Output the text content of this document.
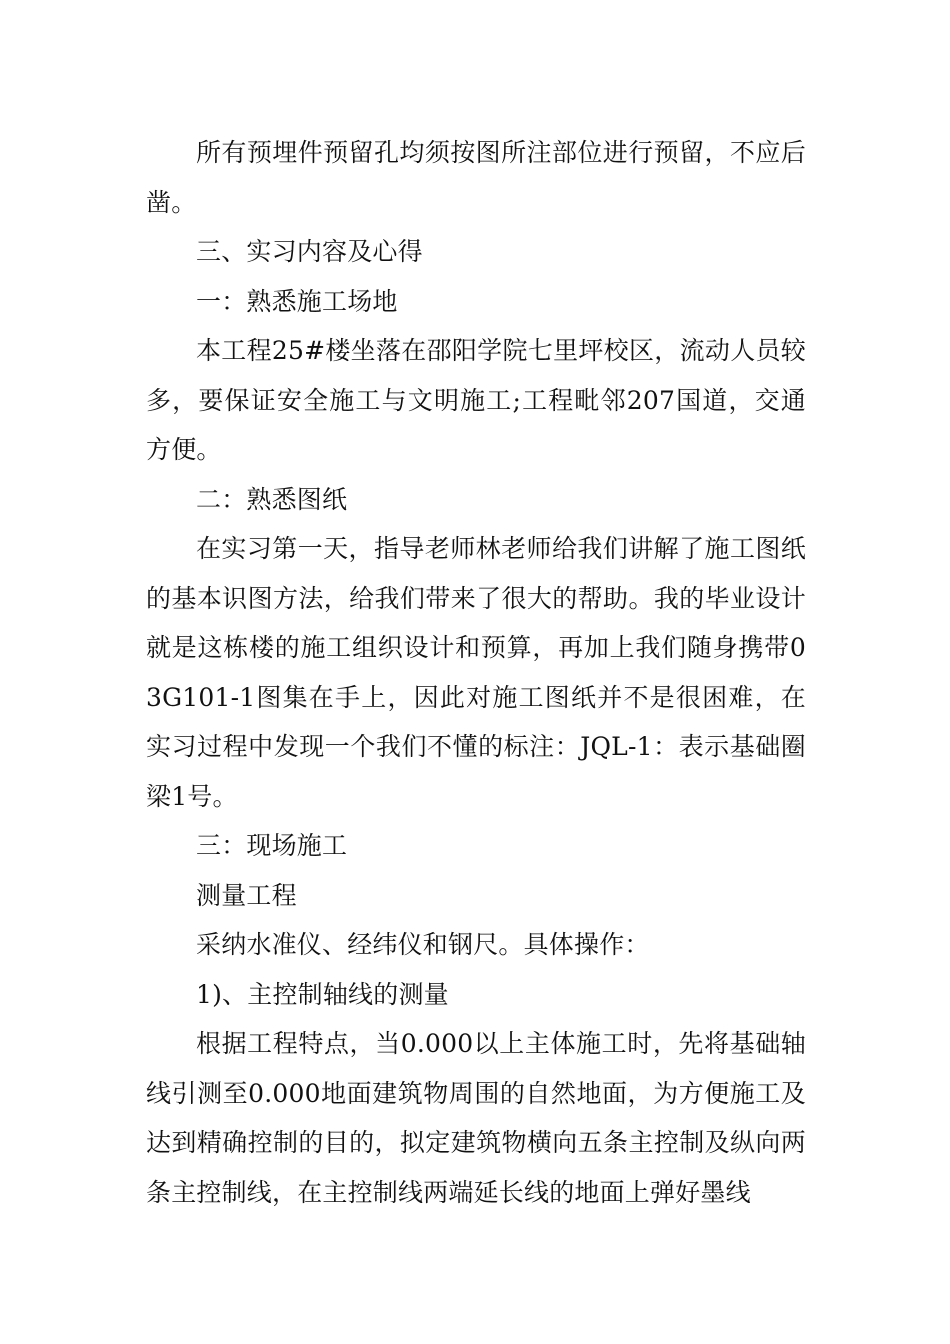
所有预埋件预留孔均须按图所注部位进行预留，不应后凿。

三、实习内容及心得

一：熟悉施工场地

本工程25#楼坐落在邵阳学院七里坪校区，流动人员较多，要保证安全施工与文明施工;工程毗邻207国道，交通方便。

二：熟悉图纸

在实习第一天，指导老师林老师给我们讲解了施工图纸的基本识图方法，给我们带来了很大的帮助。我的毕业设计就是这栋楼的施工组织设计和预算，再加上我们随身携带03G101-1图集在手上，因此对施工图纸并不是很困难，在实习过程中发现一个我们不懂的标注：JQL-1：表示基础圈梁1号。

三：现场施工

测量工程

采纳水准仪、经纬仪和钢尺。具体操作：

1)、主控制轴线的测量

根据工程特点，当0.000以上主体施工时，先将基础轴线引测至0.000地面建筑物周围的自然地面，为方便施工及达到精确控制的目的，拟定建筑物横向五条主控制及纵向两条主控制线，在主控制线两端延长线的地面上弹好墨线
